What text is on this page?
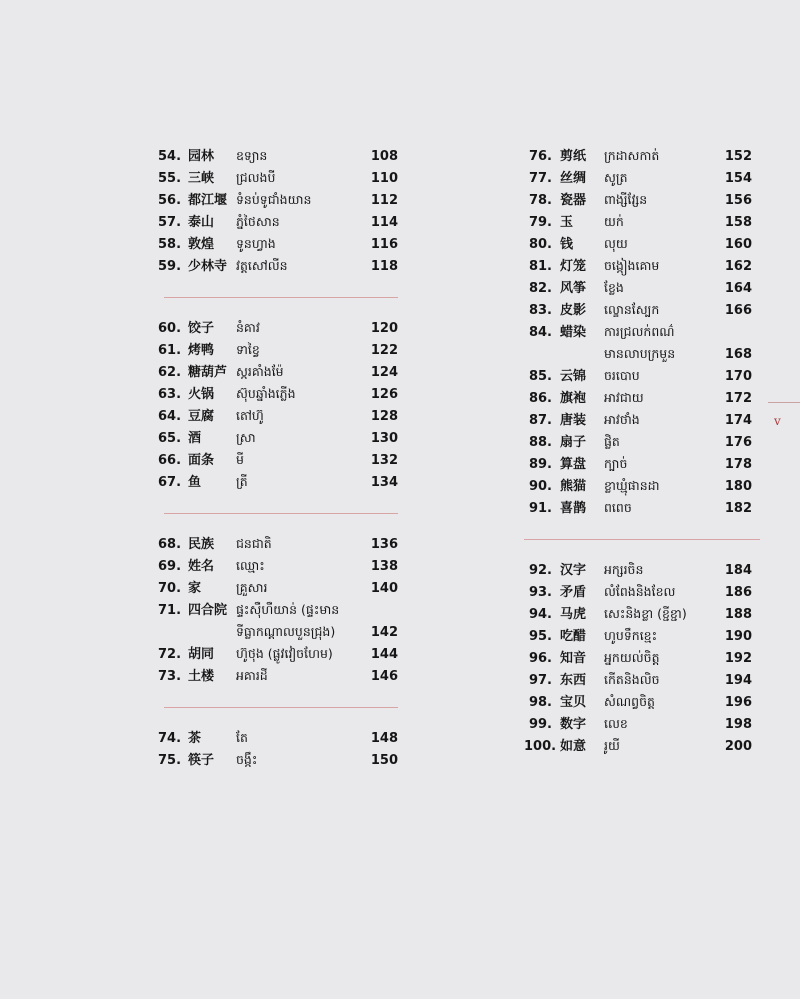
54. 园林	ឧទ្យាន	108
55. 三峡	ជ្រលងបី	110
56. 都江堰 ទំនប់ទូជាំងយាន	112
57. 泰山	ភ្នំថៃសាន	114
58. 敦煌	ទូនហ្វាង	116
59. 少林寺 វត្តសៅលីន	118
60. 饺子	នំគាវ	120
61. 烤鸭	ទាខ្វៃ	122
62. 糖葫芦 ស្ករគាំងម៉ែ	124
63. 火锅	ស៊ុបឆ្នាំងភ្លើង	126
64. 豆腐	តៅហ៊ូ	128
65. 酒	ស្រា	130
66. 面条	មី	132
67. 鱼	ត្រី	134
68. 民族	ជនជាតិ	136
69. 姓名	ឈ្មោះ	138
70. 家	គ្រួសារ	140
71. 四合院 ផ្ទះស៊ឺហឺយាន់ (ផ្ទះមាន
ទីធ្លាកណ្តាលបួនជ្រុង)	142
72. 胡同	ហ៊ូថុង (ផ្លូវវៀចហែម)	144
73. 土楼	អគារដី	146
74. 茶	តែ	148
75. 筷子	ចង្កឹះ	150
76. 剪纸	ក្រដាសកាត់	152
77. 丝绸	សូត្រ	154
78. 瓷器	ពាង្សីវ្សែន	156
79. 玉	យក់	158
80. 钱	លុយ	160
81. 灯笼	ចង្កៀងគោម	162
82. 风筝	ខ្លែង	164
83. 皮影	ល្ខោនស្បែក	166
84. 蜡染	ការជ្រលក់ពណ៌
មានលាបក្រមួន	168
85. 云锦	ចរបោប	170
86. 旗袍	អាវជាយ	172
87. 唐装	អាវថាំង	174
88. 扇子	ផ្លិត	176
89. 算盘	ក្បាច់	178
90. 熊猫	ខ្លាឃ្មុំផានដា	180
91. 喜鹊	ពពេច	182
92. 汉字	អក្សរចិន	184
93. 矛盾	លំពែងនិងខែល	186
94. 马虎	សេះនិងខ្លា (ខ្ជីខ្ជា)	188
95. 吃醋	ហូបទឹកខ្មេះ	190
96. 知音	អ្នកយល់ចិត្ត	192
97. 东西	កើតនិងលិច	194
98. 宝贝	សំណព្វចិត្ត	196
99. 数字	លេខ	198
100. 如意	រូយី	200
v
